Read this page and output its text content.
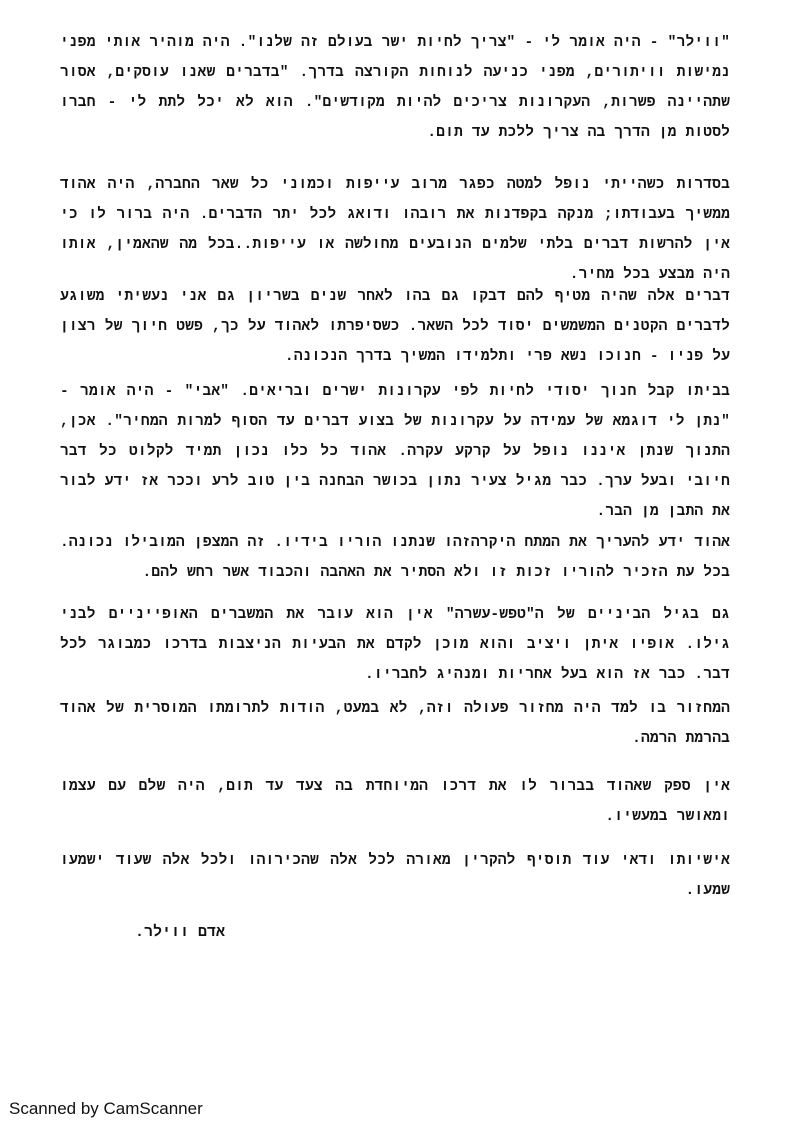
"ווילר" - היה אומר לי - "צריך לחיות ישר בעולם זה שלנו". היה מוהיר אותי מפני נמישות וויתורים, מפני כניעה לנוחות הקורצה בדרך. "בדברים שאנו עוסקים, אסור שתהיינה פשרות, העקרונות צריכים להיות מקודשים". הוא לא יכל לתת לי - חברו לסטות מן הדרך בה צריך ללכת עד תום.

בסדרות כשהייתי נופל למטה כפגר מרוב עייפות וכמוני כל שאר החברה, היה אהוד ממשיך בעבודתו; מנקה בקפדנות את רובהו ודואג לכל יתר הדברים. היה ברור לו כי אין להרשות דברים בלתי שלמים הנובעים מחולשה או עייפות..בכל מה שהאמין, אותו היה מבצע בכל מחיר.

דברים אלה שהיה מטיף להם דבקו גם בהו לאחר שנים בשריון גם אני נעשיתי משוגע לדברים הקטנים המשמשים יסוד לכל השאר. כשסיפרתו לאהוד על כך, פשט חיוך של רצון על פניו - חנוכו נשא פרי ותלמידו המשיך בדרך הנכונה.

בביתו קבל חנוך יסודי לחיות לפי עקרונות ישרים ובריאים. "אבי" - היה אומר - "נתן לי דוגמא של עמידה על עקרונות של בצוע דברים עד הסוף למרות המחיר". אכן, התנוך שנתן איננו נופל על קרקע עקרה. אהוד כל כלו נכון תמיד לקלוט כל דבר חיובי ובעל ערך. כבר מגיל צעיר נתון בכושר הבחנה בין טוב לרע וככר אז ידע לבור את התבן מן הבר.

אהוד ידע להעריך את המתח היקרהזהו שנתנו הוריו בידיו. זה המצפן המובילו נכונה. בכל עת הזכיר להוריו זכות זו ולא הסתיר את האהבה והכבוד אשר רחש להם.

גם בגיל הביניים של ה"טפש-עשרה" אין הוא עובר את המשברים האופייניים לבני גילו. אופיו איתן ויציב והוא מוכן לקדם את הבעיות הניצבות בדרכו כמבוגר לכל דבר. כבר אז הוא בעל אחריות ומנהיג לחבריו.

המחזור בו למד היה מחזור פעולה וזה, לא במעט, הודות לתרומתו המוסרית של אהוד בהרמת הרמה.

אין ספק שאהוד בברור לו את דרכו המיוחדת בה צעד עד תום, היה שלם עם עצמו ומאושר במעשיו.

אישיותו ודאי עוד תוסיף להקרין מאורה לכל אלה שהכירוהו ולכל אלה שעוד ישמעו שמעו.

אדם ווילר.
Scanned by CamScanner
